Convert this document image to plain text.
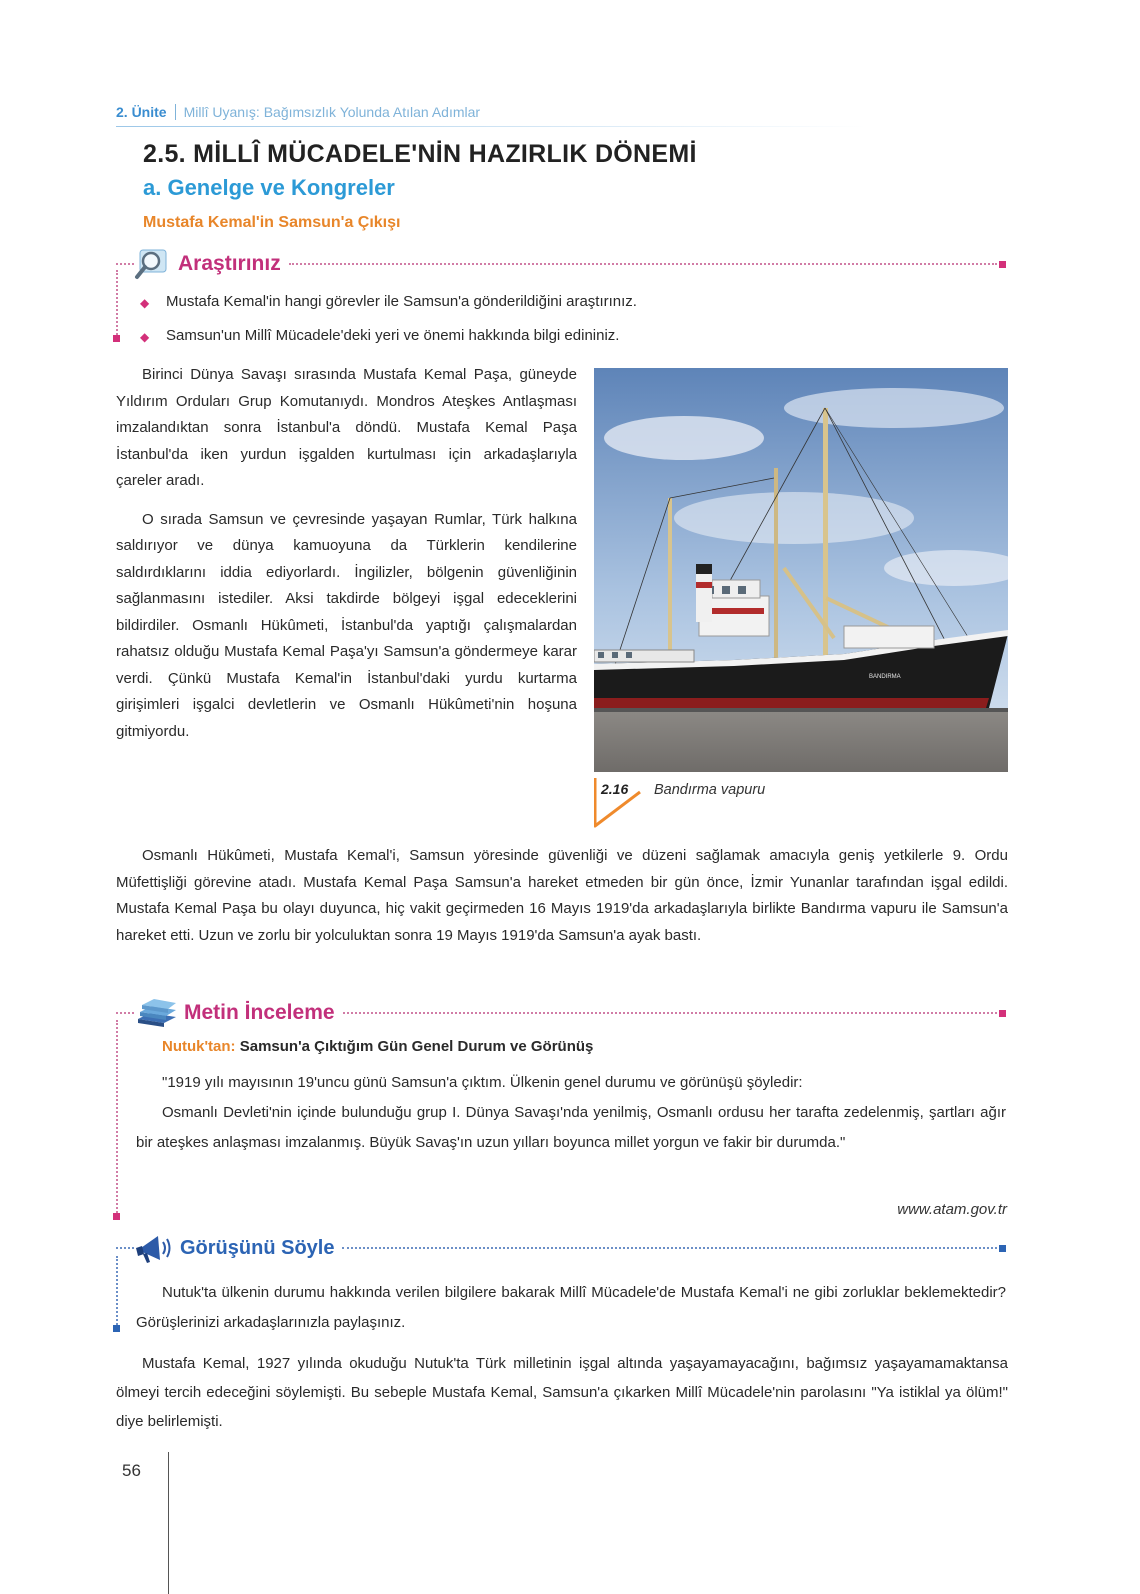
2. Ünite Millî Uyanış: Bağımsızlık Yolunda Atılan Adımlar
2.5. MİLLÎ MÜCADELE'NİN HAZIRLIK DÖNEMİ
a. Genelge ve Kongreler
Mustafa Kemal'in Samsun'a Çıkışı
Araştırınız
◆	Mustafa Kemal'in hangi görevler ile Samsun'a gönderildiğini araştırınız.
◆	Samsun'un Millî Mücadele'deki yeri ve önemi hakkında bilgi edininiz.

Birinci Dünya Savaşı sırasında Mustafa Kemal Paşa, güneyde Yıldırım Orduları Grup Komutanıydı. Mondros Ateşkes Antlaşması imzalandıktan sonra İstanbul'a döndü. Mustafa Kemal Paşa İstanbul'da iken yurdun işgalden kurtulması için arkadaşlarıyla çareler aradı.

O sırada Samsun ve çevresinde yaşayan Rumlar, Türk halkına saldırıyor ve dünya kamuoyuna da Türklerin kendilerine saldırdıklarını iddia ediyorlardı. İngilizler, bölgenin güvenliğinin sağlanmasını istediler. Aksi takdirde bölgeyi işgal edeceklerini bildirdiler. Osmanlı Hükûmeti, İstanbul'da yaptığı çalışmalardan rahatsız olduğu Mustafa Kemal Paşa'yı Samsun'a göndermeye karar verdi. Çünkü Mustafa Kemal'in İstanbul'daki yurdu kurtarma girişimleri işgalci devletlerin ve Osmanlı Hükûmeti'nin hoşuna gitmiyordu.

BANDIRMA
2.16 Bandırma vapuru

Osmanlı Hükûmeti, Mustafa Kemal'i, Samsun yöresinde güvenliği ve düzeni sağlamak amacıyla geniş yetkilerle 9. Ordu Müfettişliği görevine atadı. Mustafa Kemal Paşa Samsun'a hareket etmeden bir gün önce, İzmir Yunanlar tarafından işgal edildi. Mustafa Kemal Paşa bu olayı duyunca, hiç vakit geçirmeden 16 Mayıs 1919'da arkadaşlarıyla birlikte Bandırma vapuru ile Samsun'a hareket etti. Uzun ve zorlu bir yolculuktan sonra 19 Mayıs 1919'da Samsun'a ayak bastı.

Metin İnceleme
Nutuk'tan: Samsun'a Çıktığım Gün Genel Durum ve Görünüş

"1919 yılı mayısının 19'uncu günü Samsun'a çıktım. Ülkenin genel durumu ve görünüşü şöyledir:

Osmanlı Devleti'nin içinde bulunduğu grup I. Dünya Savaşı'nda yenilmiş, Osmanlı ordusu her tarafta zedelenmiş, şartları ağır bir ateşkes anlaşması imzalanmış. Büyük Savaş'ın uzun yılları boyunca millet yorgun ve fakir bir durumda."

www.atam.gov.tr
Görüşünü Söyle

Nutuk'ta ülkenin durumu hakkında verilen bilgilere bakarak Millî Mücadele'de Mustafa Kemal'i ne gibi zorluklar beklemektedir? Görüşlerinizi arkadaşlarınızla paylaşınız.

Mustafa Kemal, 1927 yılında okuduğu Nutuk'ta Türk milletinin işgal altında yaşayamayacağını, bağımsız yaşayamamaktansa ölmeyi tercih edeceğini söylemişti. Bu sebeple Mustafa Kemal, Samsun'a çıkarken Millî Mücadele'nin parolasını "Ya istiklal ya ölüm!" diye belirlemişti.

56
